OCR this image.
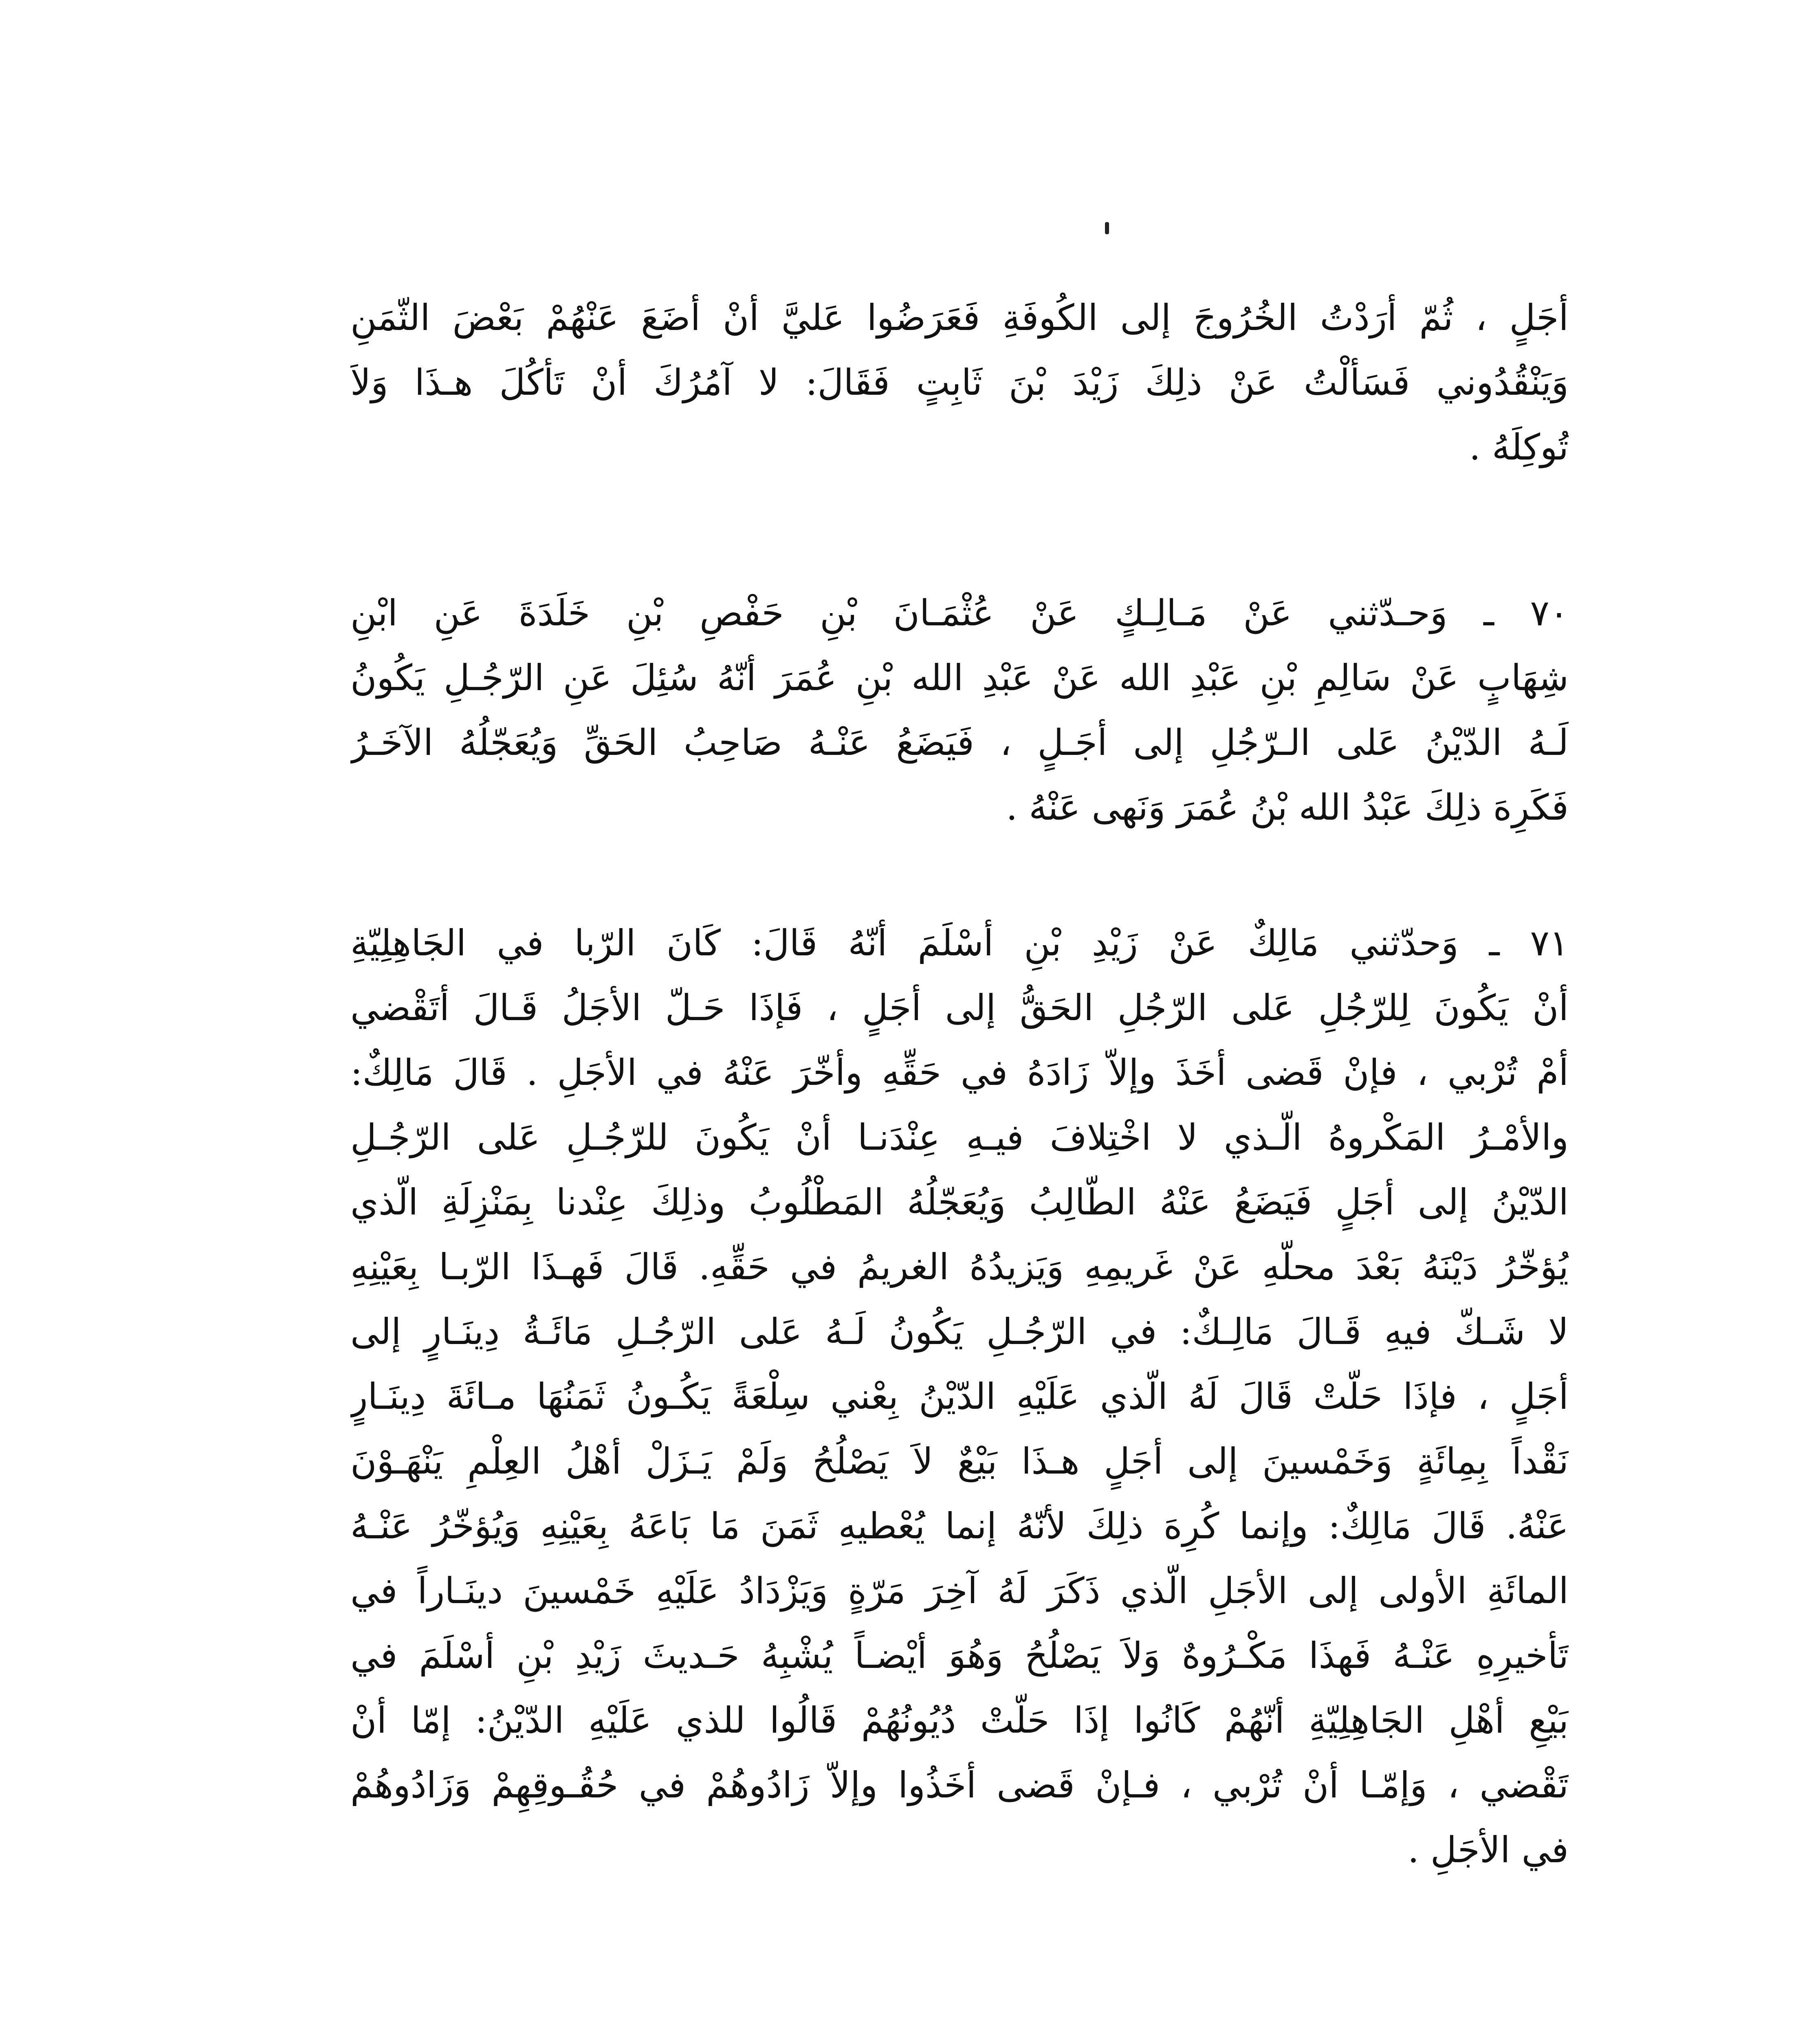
أجَلٍ ، ثُمّ أرَدْتُ الخُرُوجَ إلى الكُوفَةِ فَعَرَضُوا عَليَّ أنْ أضَعَ عَنْهُمْ بَعْضَ الثّمَنِ
وَيَنْقُدُوني فَسَألْتُ عَنْ ذلِكَ زَيْدَ بْنَ ثَابِتٍ فَقَالَ: لا آمُرُكَ أنْ تَأكُلَ هـذَا وَلاَ
تُوكِلَهُ .
٧٠ ـ وَحـدّثني عَنْ مَـالِـكٍ عَنْ عُثْمَـانَ بْنِ حَفْصِ بْنِ خَلَدَةَ عَنِ ابْنِ
شِهَابٍ عَنْ سَالِمِ بْنِ عَبْدِ الله عَنْ عَبْدِ الله بْنِ عُمَرَ أنّهُ سُئِلَ عَنِ الرّجُـلِ يَكُونُ
لَـهُ الدّيْنُ عَلى الـرّجُلِ إلى أجَـلٍ ، فَيَضَعُ عَنْـهُ صَاحِبُ الحَقِّ وَيُعَجّلُهُ الآخَـرُ
فَكَرِهَ ذلِكَ عَبْدُ الله بْنُ عُمَرَ وَنَهى عَنْهُ .
٧١ ـ وَحدّثني مَالِكٌ عَنْ زَيْدِ بْنِ أسْلَمَ أنّهُ قَالَ: كَانَ الرّبا في الجَاهِلِيّةِ
أنْ يَكُونَ لِلرّجُلِ عَلى الرّجُلِ الحَقُّ إلى أجَلٍ ، فَإذَا حَـلّ الأجَلُ قَـالَ أتَقْضي
أمْ تُرْبي ، فإنْ قَضى أخَذَ وإلاّ زَادَهُ في حَقِّهِ وأخّرَ عَنْهُ في الأجَلِ . قَالَ مَالِكٌ:
والأمْـرُ المَكْروهُ الّـذي لا اخْتِلافَ فيـهِ عِنْدَنـا أنْ يَكُونَ للرّجُـلِ عَلى الرّجُـلِ
الدّيْنُ إلى أجَلٍ فَيَضَعُ عَنْهُ الطّالِبُ وَيُعَجّلُهُ المَطْلُوبُ وذلِكَ عِنْدنا بِمَنْزِلَةِ الّذي
يُؤخّرُ دَيْنَهُ بَعْدَ محلّهِ عَنْ غَريمِهِ وَيَزيدُهُ الغريمُ في حَقِّهِ. قَالَ فَهـذَا الرّبـا بِعَيْنِهِ
لا شَـكّ فيهِ قَـالَ مَالِـكٌ: في الرّجُـلِ يَكُونُ لَـهُ عَلى الرّجُـلِ مَائَـةُ دِينَـارٍ إلى
أجَلٍ ، فإذَا حَلّتْ قَالَ لَهُ الّذي عَلَيْهِ الدّيْنُ بِعْني سِلْعَةً يَكُـونُ ثَمَنُهَا مـائَةَ دِينَـارٍ
نَقْداً بِمِائَةٍ وَخَمْسينَ إلى أجَلٍ هـذَا بَيْعٌ لاَ يَصْلُحُ وَلَمْ يَـزَلْ أهْلُ العِلْمِ يَنْهَـوْنَ
عَنْهُ. قَالَ مَالِكٌ: وإنما كُرِهَ ذلِكَ لأنّهُ إنما يُعْطيهِ ثَمَنَ مَا بَاعَهُ بِعَيْنِهِ وَيُؤخّرُ عَنْـهُ
المائَةِ الأولى إلى الأجَلِ الّذي ذَكَرَ لَهُ آخِرَ مَرّةٍ وَيَزْدَادُ عَلَيْهِ خَمْسينَ دينَـاراً في
تَأخيرِهِ عَنْـهُ فَهذَا مَكْـرُوهٌ وَلاَ يَصْلُحُ وَهُوَ أيْضـاً يُشْبِهُ حَـديثَ زَيْدِ بْنِ أسْلَمَ في
بَيْعِ أهْلِ الجَاهِلِيّةِ أنّهُمْ كَانُوا إذَا حَلّتْ دُيُونُهُمْ قَالُوا للذي عَلَيْهِ الدّيْنُ: إمّا أنْ
تَقْضي ، وَإمّـا أنْ تُرْبي ، فـإنْ قَضى أخَذُوا وإلاّ زَادُوهُمْ في حُقُـوقِهِمْ وَزَادُوهُمْ
في الأجَلِ .
